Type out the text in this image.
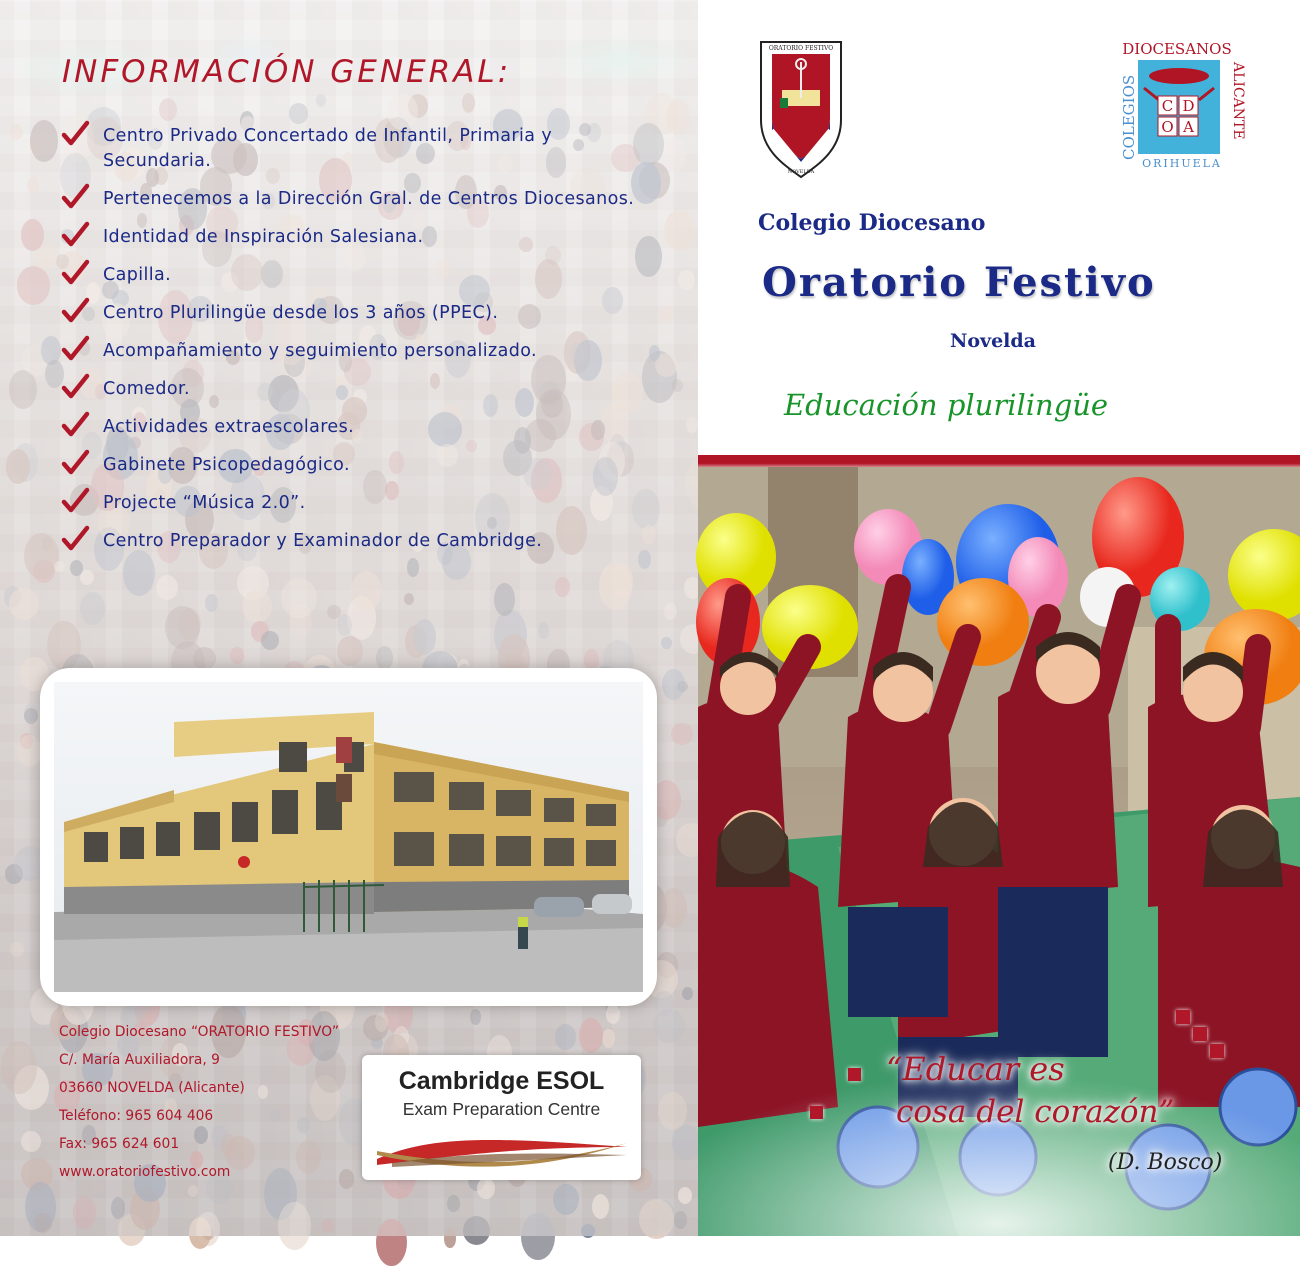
INFORMACIÓN GENERAL:
Centro Privado Concertado de Infantil, Primaria y Secundaria.
Pertenecemos a la Dirección Gral. de Centros Diocesanos.
Identidad de Inspiración Salesiana.
Capilla.
Centro Plurilingüe desde los 3 años (PPEC).
Acompañamiento y seguimiento personalizado.
Comedor.
Actividades extraescolares.
Gabinete Psicopedagógico.
Projecte “Música 2.0”.
Centro Preparador y Examinador de Cambridge.
Colegio Diocesano “ORATORIO FESTIVO”
C/. María Auxiliadora, 9
03660 NOVELDA (Alicante)
Teléfono: 965 604 406
Fax: 965 624 601
www.oratoriofestivo.com
Cambridge ESOL
Exam Preparation Centre
ORATORIO FESTIVO
NOVELDA
DIOCESANOS
COLEGIOS	ALICANTE
ORIHUELA
C D
O A
Colegio Diocesano
Oratorio Festivo
Novelda
Educación plurilingüe
“Educar es
cosa del corazón”
(D. Bosco)
